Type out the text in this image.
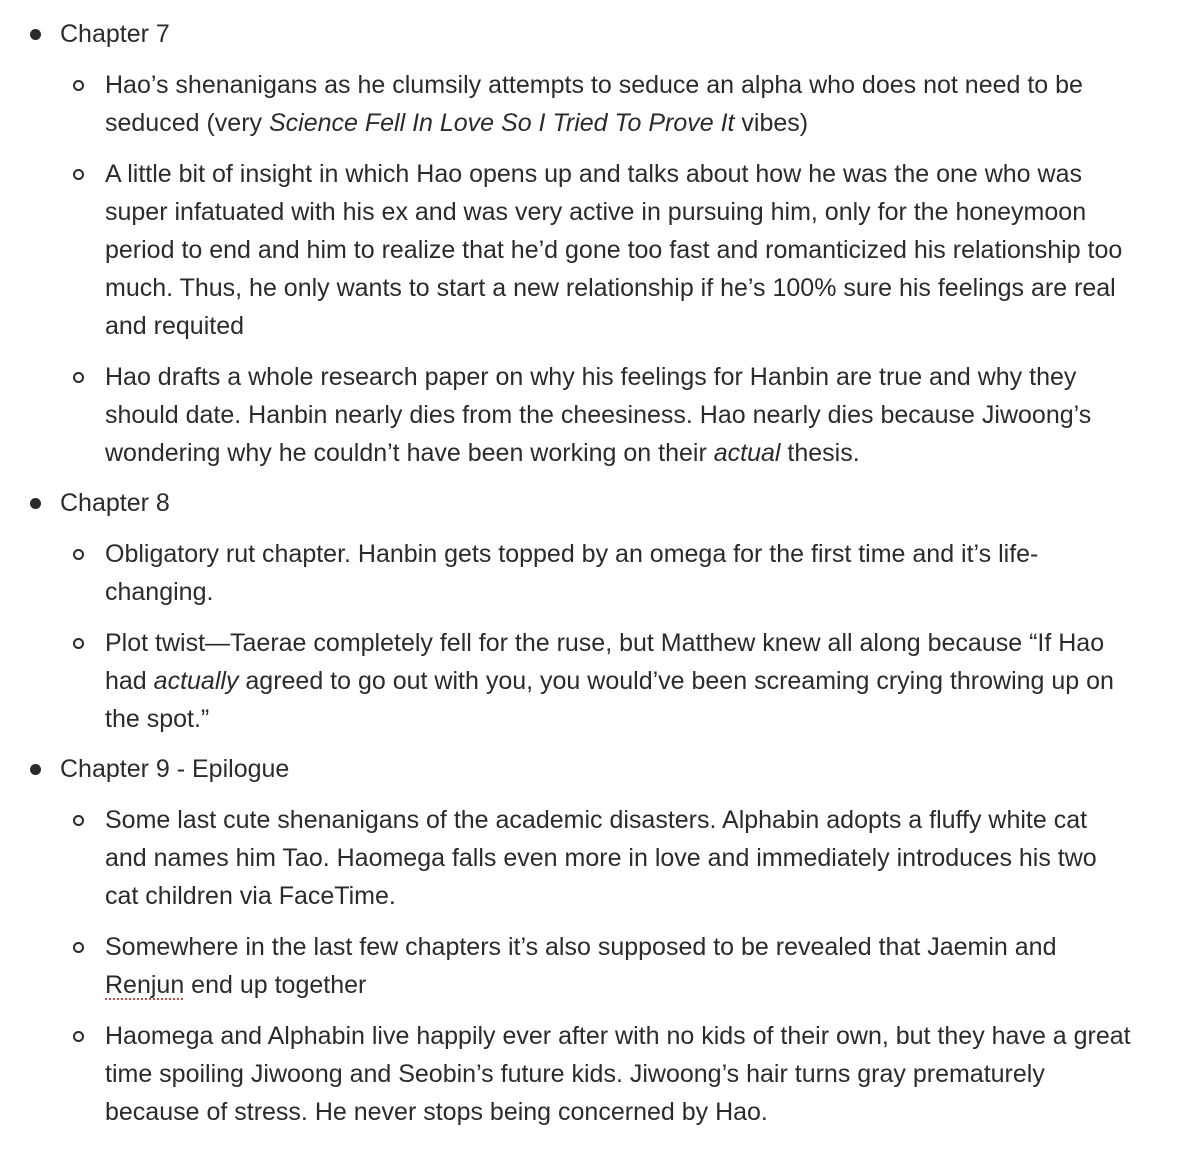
Chapter 7
Hao’s shenanigans as he clumsily attempts to seduce an alpha who does not need to be seduced (very Science Fell In Love So I Tried To Prove It vibes)
A little bit of insight in which Hao opens up and talks about how he was the one who was super infatuated with his ex and was very active in pursuing him, only for the honeymoon period to end and him to realize that he’d gone too fast and romanticized his relationship too much. Thus, he only wants to start a new relationship if he’s 100% sure his feelings are real and requited
Hao drafts a whole research paper on why his feelings for Hanbin are true and why they should date. Hanbin nearly dies from the cheesiness. Hao nearly dies because Jiwoong’s wondering why he couldn’t have been working on their actual thesis.
Chapter 8
Obligatory rut chapter. Hanbin gets topped by an omega for the first time and it’s life-changing.
Plot twist—Taerae completely fell for the ruse, but Matthew knew all along because “If Hao had actually agreed to go out with you, you would’ve been screaming crying throwing up on the spot.”
Chapter 9 - Epilogue
Some last cute shenanigans of the academic disasters. Alphabin adopts a fluffy white cat and names him Tao. Haomega falls even more in love and immediately introduces his two cat children via FaceTime.
Somewhere in the last few chapters it’s also supposed to be revealed that Jaemin and Renjun end up together
Haomega and Alphabin live happily ever after with no kids of their own, but they have a great time spoiling Jiwoong and Seobin’s future kids. Jiwoong’s hair turns gray prematurely because of stress. He never stops being concerned by Hao.
